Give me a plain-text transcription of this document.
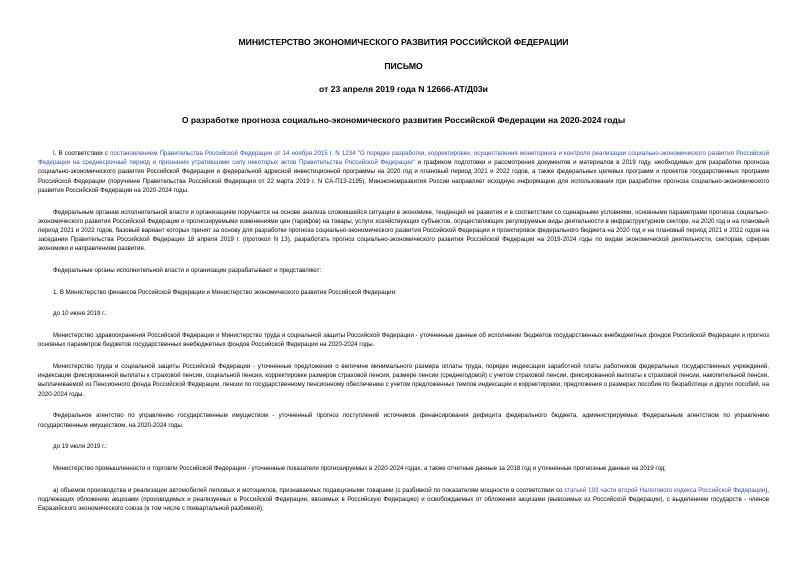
МИНИСТЕРСТВО ЭКОНОМИЧЕСКОГО РАЗВИТИЯ РОССИЙСКОЙ ФЕДЕРАЦИИ

ПИСЬМО

от 23 апреля 2019 года N 12666-АТ/Д03и

О разработке прогноза социально-экономического развития Российской Федерации на 2020-2024 годы

I. В соответствии с постановлением Правительства Российской Федерации от 14 ноября 2015 г. N 1234 "О порядке разработки, корректировки, осуществления мониторинга и контроля реализации социально-экономического развития Российской Федерации на среднесрочный период и признании утратившими силу некоторых актов Правительства Российской Федерации" и графиком подготовки и рассмотрения документов и материалов в 2019 году, необходимых для разработки прогноза социально-экономического развития Российской Федерации и федеральной адресной инвестиционной программы на 2020 год и плановый период 2021 и 2022 годов, а также федеральных целевых программ и проектов государственных программ Российской Федерации (поручение Правительства Российской Федерации от 22 марта 2019 г. N СА-П13-2195), Минэкономразвития России направляет исходную информацию для использования при разработке прогноза социально-экономического развития Российской Федерации на 2020-2024 годы.

Федеральным органам исполнительной власти и организациям поручается на основе анализа сложившейся ситуации в экономике, тенденций ее развития и в соответствии со сценарными условиями, основными параметрами прогноза социально-экономического развития Российской Федерации и прогнозируемыми изменениями цен (тарифов) на товары, услуги хозяйствующих субъектов, осуществляющих регулируемые виды деятельности в инфраструктурном секторе, на 2020 год и на плановый период 2021 и 2022 годов, базовый вариант которых принят за основу для разработки прогноза социально-экономического развития Российской Федерации и проектировок федерального бюджета на 2020 год и на плановый период 2021 и 2022 годов на заседании Правительства Российской Федерации 18 апреля 2019 г. (протокол N 13), разработать прогноз социально-экономического развития Российской Федерации на 2019-2024 годы по видам экономической деятельности, секторам, сферам экономики и направлениям развития.

Федеральные органы исполнительной власти и организации разрабатывают и представляют:

1. В Министерство финансов Российской Федерации и Министерство экономического развития Российской Федерации:

до 10 июня 2019 г.:

Министерство здравоохранения Российской Федерации и Министерство труда и социальной защиты Российской Федерации - уточненные данные об исполнении бюджетов государственных внебюджетных фондов Российской Федерации и прогноз основных параметров бюджетов государственных внебюджетных фондов Российской Федерации на 2020-2024 годы.

Министерство труда и социальной защиты Российской Федерации - уточненные предложения о величине минимального размера оплаты труда, порядке индексации заработной платы работников федеральных государственных учреждений, индексации фиксированной выплаты к страховой пенсии, социальной пенсии, корректировке размеров страховой пенсии, размере пенсии (среднегодовой) с учетом страховой пенсии, фиксированной выплаты к страховой пенсии, накопительной пенсии, выплачиваемой из Пенсионного фонда Российской Федерации, пенсии по государственному пенсионному обеспечению с учетом предложенных темпов индексации и корректировки, предложения о размерах пособия по безработице и других пособий, на 2020-2024 годы.

Федеральное агентство по управлению государственным имуществом - уточненный прогноз поступлений источников финансирования дефицита федерального бюджета, администрируемых Федеральным агентством по управлению государственным имуществом, на 2020-2024 годы.

до 19 июля 2019 г.:

Министерство промышленности и торговли Российской Федерации - уточненные показатели прогнозируемых в 2020-2024 годах, а также отчетные данные за 2018 год и уточненные прогнозные данные на 2019 год:

а) объемов производства и реализации автомобилей легковых и мотоциклов, признаваемых подакцизными товарами (с разбивкой по показателям мощности в соответствии со статьей 193 части второй Налогового кодекса Российской Федерации), подлежащих обложению акцизами (производимых и реализуемых в Российской Федерации, ввозимых в Российскую Федерацию) и освобождаемых от обложения акцизами (вывозимых из Российской Федерации), с выделением государств - членов Евразийского экономического союза (в том числе с поквартальной разбивкой);
